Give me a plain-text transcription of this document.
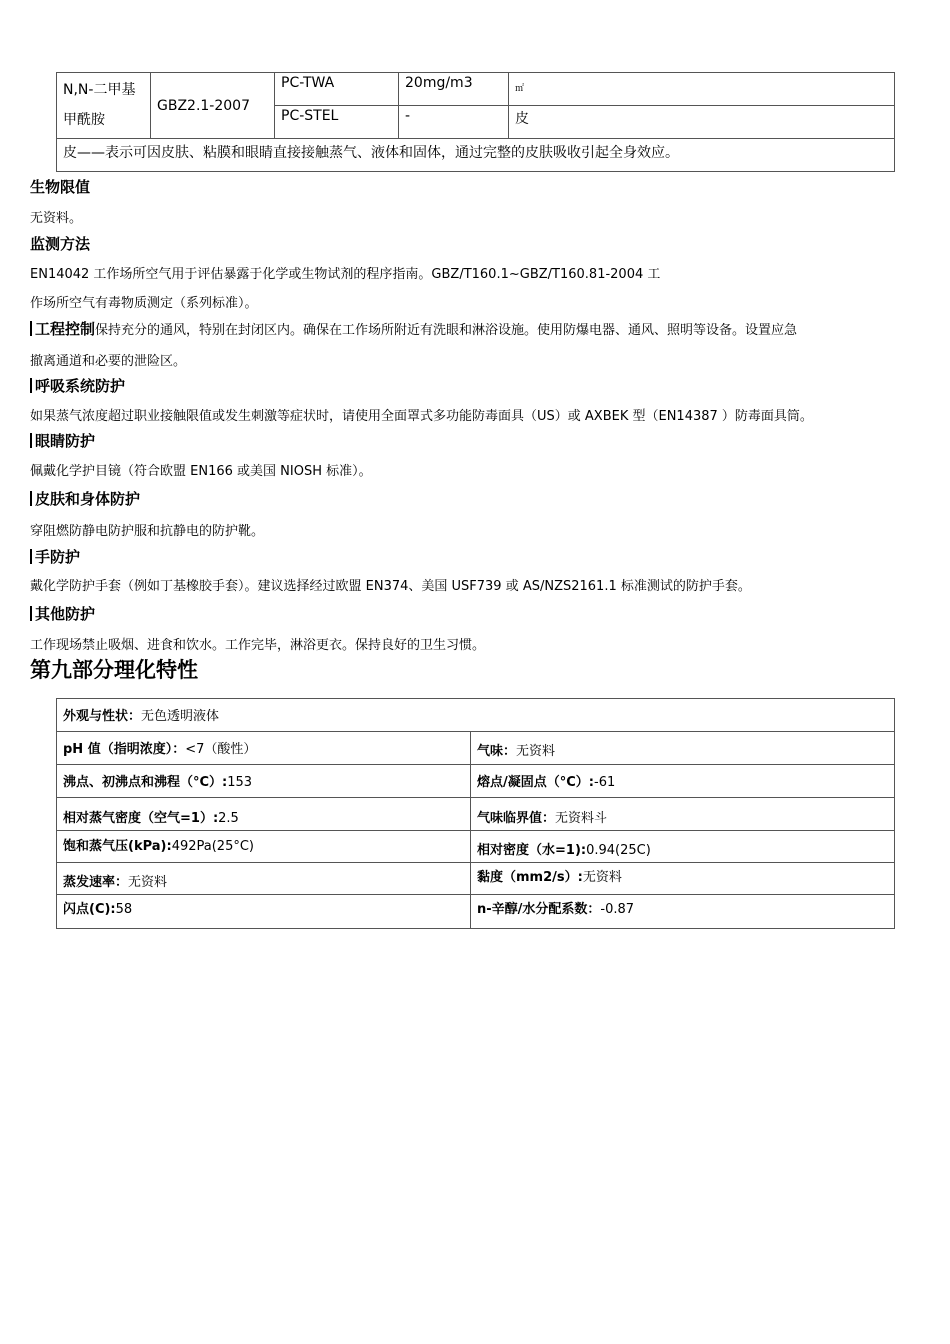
N,N-二甲基甲酰胺	GBZ2.1-2007	PC-TWA	20mg/m3	㎡
		PC-STEL	-	皮
皮——表示可因皮肤、粘膜和眼睛直接接触蒸气、液体和固体，通过完整的皮肤吸收引起全身效应。				
生物限值
无资料。
监测方法
EN14042 工作场所空气用于评估暴露于化学或生物试剂的程序指南。GBZ/T160.1~GBZ/T160.81-2004 工
作场所空气有毒物质测定（系列标准）。
工程控制保持充分的通风，特别在封闭区内。确保在工作场所附近有洗眼和淋浴设施。使用防爆电器、通风、照明等设备。设置应急
撤离通道和必要的泄险区。
呼吸系统防护
如果蒸气浓度超过职业接触限值或发生刺激等症状时，请使用全面罩式多功能防毒面具（US）或 AXBEK 型（EN14387 ）防毒面具筒。
眼睛防护
佩戴化学护目镜（符合欧盟 EN166 或美国 NIOSH 标准）。
皮肤和身体防护
穿阻燃防静电防护服和抗静电的防护靴。
手防护
戴化学防护手套（例如丁基橡胶手套）。建议选择经过欧盟 EN374、美国 USF739 或 AS/NZS2161.1 标准测试的防护手套。
其他防护
工作现场禁止吸烟、进食和饮水。工作完毕，淋浴更衣。保持良好的卫生习惯。
第九部分理化特性
外观与性状：无色透明液体	
pH 值（指明浓度）：<7（酸性）	气味：无资料
沸点、初沸点和沸程（°C）:153	熔点/凝固点（°C）:-61
相对蒸气密度（空气=1）:2.5	气味临界值：无资料斗
饱和蒸气压(kPa):492Pa(25°C)	相对密度（水=1):0.94(25C)
蒸发速率：无资料	黏度（mm2/s）:无资料
闪点(C):58	n-辛醇/水分配系数：-0.87
